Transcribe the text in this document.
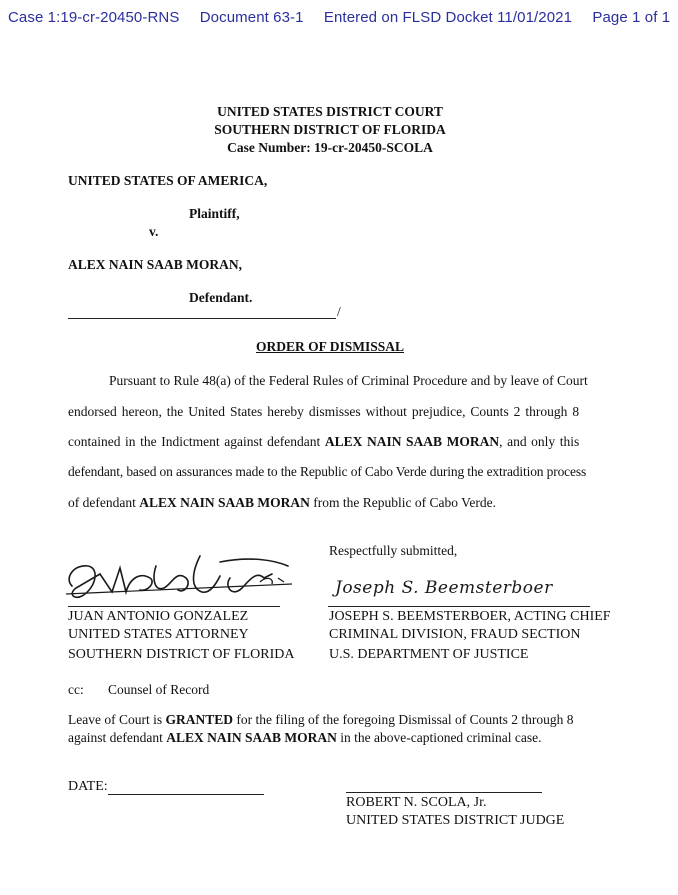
Case 1:19-cr-20450-RNS Document 63-1 Entered on FLSD Docket 11/01/2021 Page 1 of 1
UNITED STATES DISTRICT COURT
SOUTHERN DISTRICT OF FLORIDA
Case Number: 19-cr-20450-SCOLA
UNITED STATES OF AMERICA,
Plaintiff,
v.
ALEX NAIN SAAB MORAN,
Defendant.
/
ORDER OF DISMISSAL
Pursuant to Rule 48(a) of the Federal Rules of Criminal Procedure and by leave of Court
endorsed hereon, the United States hereby dismisses without prejudice, Counts 2 through 8
contained in the Indictment against defendant ALEX NAIN SAAB MORAN, and only this
defendant, based on assurances made to the Republic of Cabo Verde during the extradition process
of defendant ALEX NAIN SAAB MORAN from the Republic of Cabo Verde.
Respectfully submitted,
Joseph S. Beemsterboer
JUAN ANTONIO GONZALEZ
UNITED STATES ATTORNEY
SOUTHERN DISTRICT OF FLORIDA
JOSEPH S. BEEMSTERBOER, ACTING CHIEF
CRIMINAL DIVISION, FRAUD SECTION
U.S. DEPARTMENT OF JUSTICE
cc: Counsel of Record
Leave of Court is GRANTED for the filing of the foregoing Dismissal of Counts 2 through 8
against defendant ALEX NAIN SAAB MORAN in the above-captioned criminal case.
DATE:
ROBERT N. SCOLA, Jr.
UNITED STATES DISTRICT JUDGE
